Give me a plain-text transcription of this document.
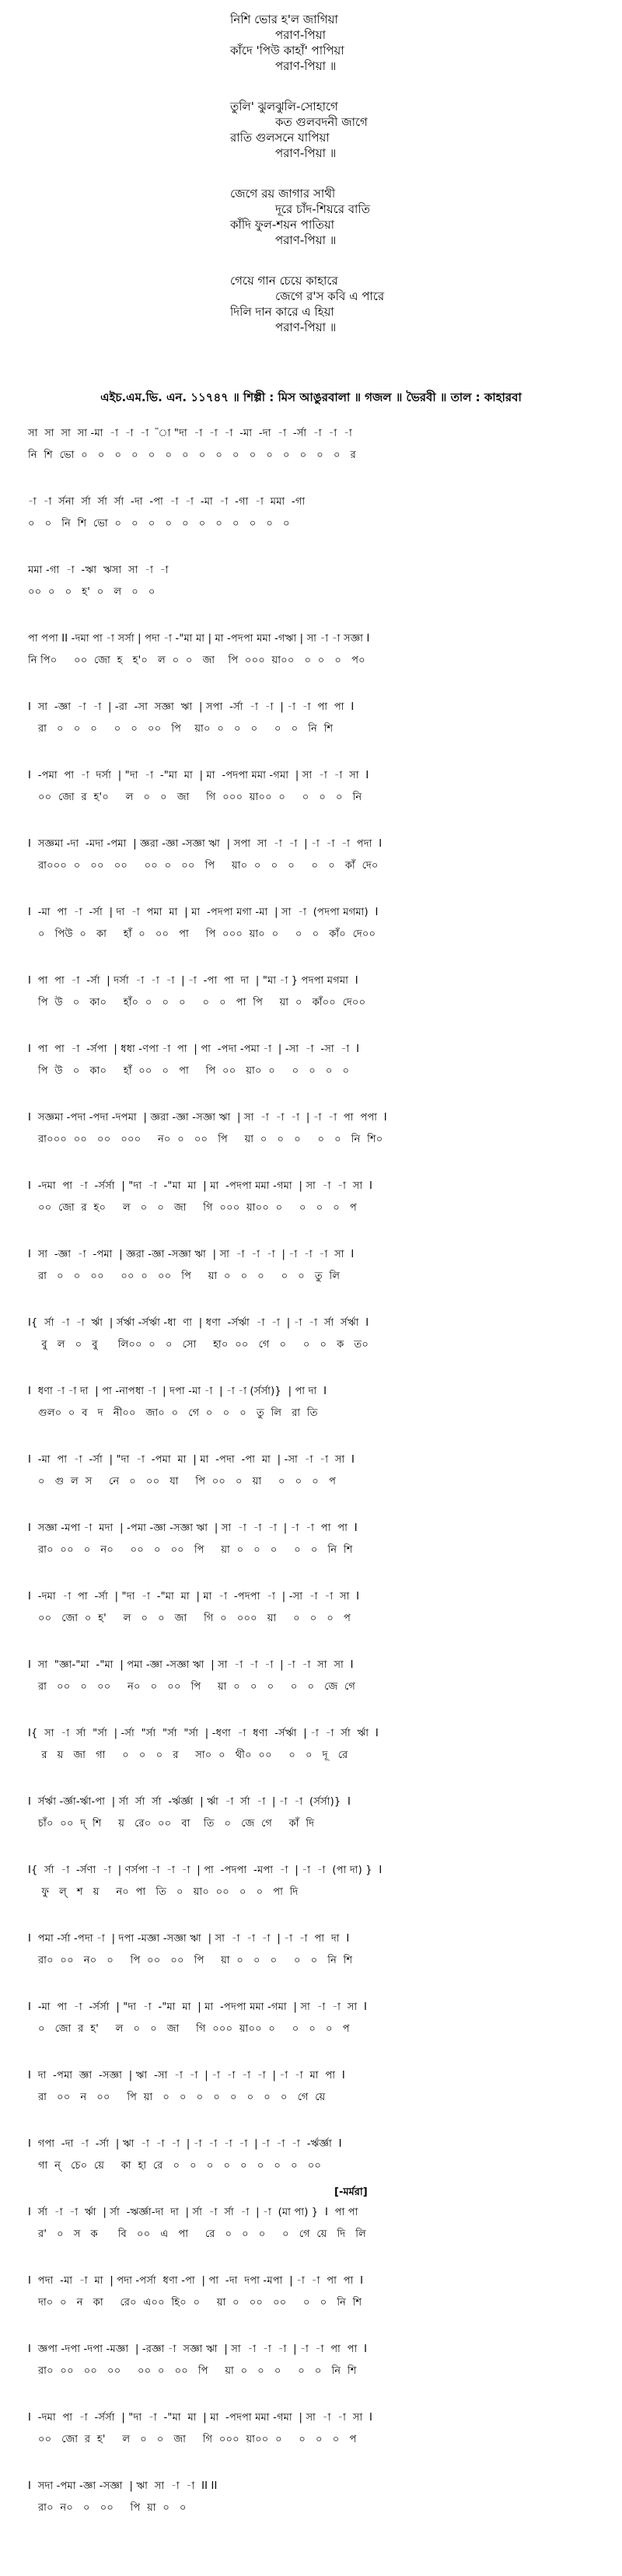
নিশি ভোর হ'ল জাগিয়া
পরাণ-পিয়া
কাঁদে 'পিউ কাহাঁ' পাপিয়া
পরাণ-পিয়া ॥
তুলি' ঝুলঝুলি-সোহাগে
কত গুলবদনী জাগে
রাতি গুলসনে যাপিয়া
পরাণ-পিয়া ॥
জেগে রয় জাগার সাথী
দূরে চাঁদ-শিয়রে বাতি
কাঁদি ফুল-শয়ন পাতিয়া
পরাণ-পিয়া ॥
গেয়ে গান চেয়ে কাহারে
জেগে র'স কবি এ পারে
দিলি দান কারে এ হিয়া
পরাণ-পিয়া ॥
এইচ.এম.ভি. এন. ১১৭৪৭ ॥ শিল্পী : মিস আঙুরবালা ॥ গজল ॥ ভৈরবী ॥ তাল : কাহারবা
সা  সা  সা  সা -মা  -া  -া  -া  "া "দা  -া  -া  -া  -মা  -দা  -া  -র্সা  -া  -া  -া
নি  শি  ভো  ০   ০   ০   ০   ০   ০   ০   ০   ০   ০   ০   ০   ০   ০   ০   ০   র
-া  -া  র্সনা  র্সা  র্সা  র্সা  -দা  -পা  -া  -া  -মা  -া  -গা  -া  মমা  -গা
০   ০   নি  শি  ভো  ০   ০   ০   ০   ০   ০   ০   ০   ০   ০   ০
মমা -গা  -া  -ঋা  ঋসা  সা  -া  -া
০০  ০   ০   হ'  ০   ল   ০   ০
পা পপা II -দমা পা -া সর্সা | পদা -া -"মা মা | মা -পদপা মমা -গঋা | সা -া -া সজ্ঞা I
নি পি০     ০০  জো  হ   হ'০   ল  ০  ০   জা    পি  ০০০  য়া০০   ০  ০   ০   প০
I  সা  -জ্ঞা  -া  -া  | -রা  -সা  সজ্ঞা  ঋা  | সপা  -র্সা  -া  -া  | -া  -া  পা  পা  I
রা   ০   ০   ০     ০   ০   ০০   পি    য়া০  ০   ০   ০     ০   ০   নি  শি
I  -পমা  পা  -া  দর্সা  | "দা  -া  -"মা  মা  | মা  -পদপা মমা -গমা  | সা  -া  -া  সা  I
০০  জো  র  হ'০     ল   ০   ০   জা     গি  ০০০  য়া০০  ০     ০   ০   ০   নি
I  সজ্ঞমা -দা  -মদা -পমা  | জ্ঞরা -জ্ঞা -সজ্ঞা ঋা  | সপা  সা  -া  -া  | -া  -া  -া  পদা  I
রা০০০  ০   ০০   ০০     ০০  ০   ০০   পি     য়া০  ০   ০   ০     ০   ০   কাঁ  দে০
I  -মা  পা  -া  -র্সা  | দা  -া  পমা  মা  | মা  -পদপা মগা -মা  | সা  -া  (পদপা মগমা)  I
০   পিউ  ০   কা     হাঁ  ০   ০০   পা     পি  ০০০  য়া০  ০     ০   ০   কাঁ০  দে০০
I  পা  পা  -া  -র্সা  | দর্সা  -া  -া  -া  | -া  -পা  পা  দা  | "মা -া } পদপা মগমা  I
পি  উ   ০   কা০     হাঁ০  ০   ০   ০     ০   ০   পা  পি     য়া  ০   কাঁ০০  দে০০
I  পা  পা  -া  -র্সপা  | ধধা -ণপা -া  পা  | পা  -পদা -পমা -া  | -সা  -া  -সা  -া  I
পি  উ   ০   কা০     হাঁ  ০০   ০   পা     পি  ০০   য়া০  ০     ০   ০   ০   ০
I  সজ্ঞমা -পদা -পদা -দপমা  | জ্ঞরা -জ্ঞা -সজ্ঞা ঋা  | সা  -া  -া  -া  | -া  -া  পা  পপা  I
রা০০০  ০০   ০০   ০০০     ন০  ০   ০০   পি     য়া  ০   ০   ০     ০   ০   নি  শি০
I  -দমা  পা  -া  -র্সর্সা  | "দা  -া  -"মা  মা  | মা  -পদপা মমা -গমা  | সা  -া  -া  সা  I
০০  জো  র  হ০     ল   ০   ০   জা     গি  ০০০  য়া০০  ০     ০   ০   ০   প
I  সা  -জ্ঞা  -া  -পমা  | জ্ঞরা -জ্ঞা -সজ্ঞা ঋা  | সা  -া  -া  -া  | -া  -া  -া  সা  I
রা   ০   ০   ০০     ০০  ০   ০০   পি     য়া  ০   ০   ০     ০   ০   তু  লি
I{  র্সা  -া  -া  র্ঋা  | র্সর্ঋা -র্সর্ঋা -ধা  ণা  | ধণা  -র্সর্ঋা  -া  -া  | -া  -া  র্সা  র্সর্ঋা  I
বু   ল   ০   বু      লি০০  ০   ০   সো     হা০  ০০   গে   ০     ০   ০   ক   ত০
I  ধণা -া -া দা  | পা -নাপধা -া  | দপা -মা -া  | -া -া (র্সর্সা)}  | পা দা  I
গুল০  ০  ব   দ   নী০০   জা০  ০   গে  ০   ০   ০   তু  লি   রা  তি
I  -মা  পা  -া  -র্সা  | "দা  -া  -পমা  মা  | মা  -পদা  -পা  মা  | -সা  -া  -া  সা  I
০   গু  ল  স     নে   ০   ০০   যা     পি  ০০   ০   য়া     ০   ০   ০   প
I  সজ্ঞা -মপা -া  মদা  | -পমা -জ্ঞা -সজ্ঞা ঋা  | সা  -া  -া  -া  | -া  -া  পা  পা  I
রা০  ০০   ০   ন০     ০০   ০   ০০   পি     য়া  ০   ০   ০     ০   ০   নি  শি
I  -দমা  -া  পা  -র্সা  | "দা  -া  -"মা  মা  | মা  -া  -পদপা  -া  | -সা  -া  -া  সা  I
০০   জো  ০  হ'     ল   ০   ০   জা     গি  ০   ০০০   য়া     ০   ০   ০   প
I  সা  "জ্ঞা-"মা  -"মা  | পমা -জ্ঞা -সজ্ঞা ঋা  | সা  -া  -া  -া  | -া  -া  সা  সা  I
রা   ০০   ০   ০০     ন০   ০   ০০   পি     য়া  ০   ০   ০     ০   ০   জে  গে
I{  সা  -া  র্সা  "র্সা  | -র্সা  "র্সা  "র্সা  "র্সা  | -ধণা  -া  ধণা  -র্সর্ঋা  | -া  -া  র্সা  র্ঋা  I
র   য়   জা   গা     ০   ০   ০   র     সা০  ০   থী০  ০০     ০   ০   দূ   রে
I  র্সর্ঋা -র্জ্ঞা-র্ঋা-পা  | র্সা  র্সা  র্সা  -র্ঋর্জ্ঞা  | র্ঋা  -া  র্সা  -া  | -া  -া  (র্সর্সা)}  I
চাঁ০  ০০  দ্  শি     য়   রে০  ০০   বা    তি   ০   জে  গে     কাঁ  দি
I{  র্সা  -া  -র্সণা  -া  | ণর্সপা -া  -া  -া  | পা  -পদপা  -মপা  -া  | -া  -া  (পা দা) }  I
ফু   ল্   শ   য়     ন০  পা   তি   ০   য়া০  ০০   ০   ০   পা  দি
I  পমা -র্সা -পদা -া  | দপা -মজ্ঞা -সজ্ঞা ঋা  | সা  -া  -া  -া  | -া  -া  পা  দা  I
রা০  ০০   ন০   ০     পি  ০০   ০০   পি     য়া  ০   ০   ০     ০   ০   নি  শি
I  -মা  পা  -া  -র্সর্সা  | "দা  -া  -"মা  মা  | মা  -পদপা মমা -গমা  | সা  -া  -া  সা  I
০   জো  র  হ'     ল   ০   ০   জা     গি  ০০০  য়া০০  ০     ০   ০   ০   প
I  দা  -পমা  জ্ঞা  -সজ্ঞা  | ঋা  -সা  -া  -া  | -া  -া  -া  -া  | -া  -া  মা  পা  I
রা   ০০   ন   ০০     পি  য়া   ০   ০   ০   ০   ০   ০   ০   ০   গে  য়ে
I  গপা  -দা  -া  -র্সা  | ঋা  -া  -া  -া  | -া  -া  -া  -া  | -া  -া  -া  -র্ঋর্জ্ঞা  I
গা  ন্   চে০  য়ে     কা  হা  রে   ০   ০   ০   ০   ০   ০   ০   ০   ০০
I  র্সা  -া  -া  র্ঋা  | র্সা  -ঋর্জ্ঞা-দা  দা  | র্সা  -া  র্সা  -া  | -া  (মা পা) }  I  পা পা
র'   ০   স   ক      বি   ০০   এ   পা     রে   ০   ০   ০     ০   গে  য়ে   দি   লি
[-মর্মরা]
I  পদা  -মা  -া  মা  | পদা -পর্সা  ধণা -পা  | পা  -দা  দপা -মপা  | -া  -া  পা  পা  I
দা০  ০   ন   কা     রে০  এ০০  হি০  ০     য়া  ০   ০০   ০০     ০   ০   নি  শি
I  জ্ঞপা -দপা -দপা -মজ্ঞা  | -রজ্ঞা -া  সজ্ঞা ঋা  | সা  -া  -া  -া  | -া  -া  পা  পা  I
রা০  ০০   ০০   ০০     ০০  ০   ০০   পি     য়া  ০   ০   ০     ০   ০   নি  শি
I  -দমা  পা  -া  -র্সর্সা  | "দা  -া  -"মা  মা  | মা  -পদপা মমা -গমা  | সা  -া  -া  সা  I
০০   জো  র  হ'     ল   ০   ০   জা     গি  ০০০  য়া০০  ০     ০   ০   ০   প
I  সদা -পমা -জ্ঞা -সজ্ঞা  | ঋা  সা  -া  -া  II II
রা০  ন০   ০   ০০     পি  য়া  ০   ০
